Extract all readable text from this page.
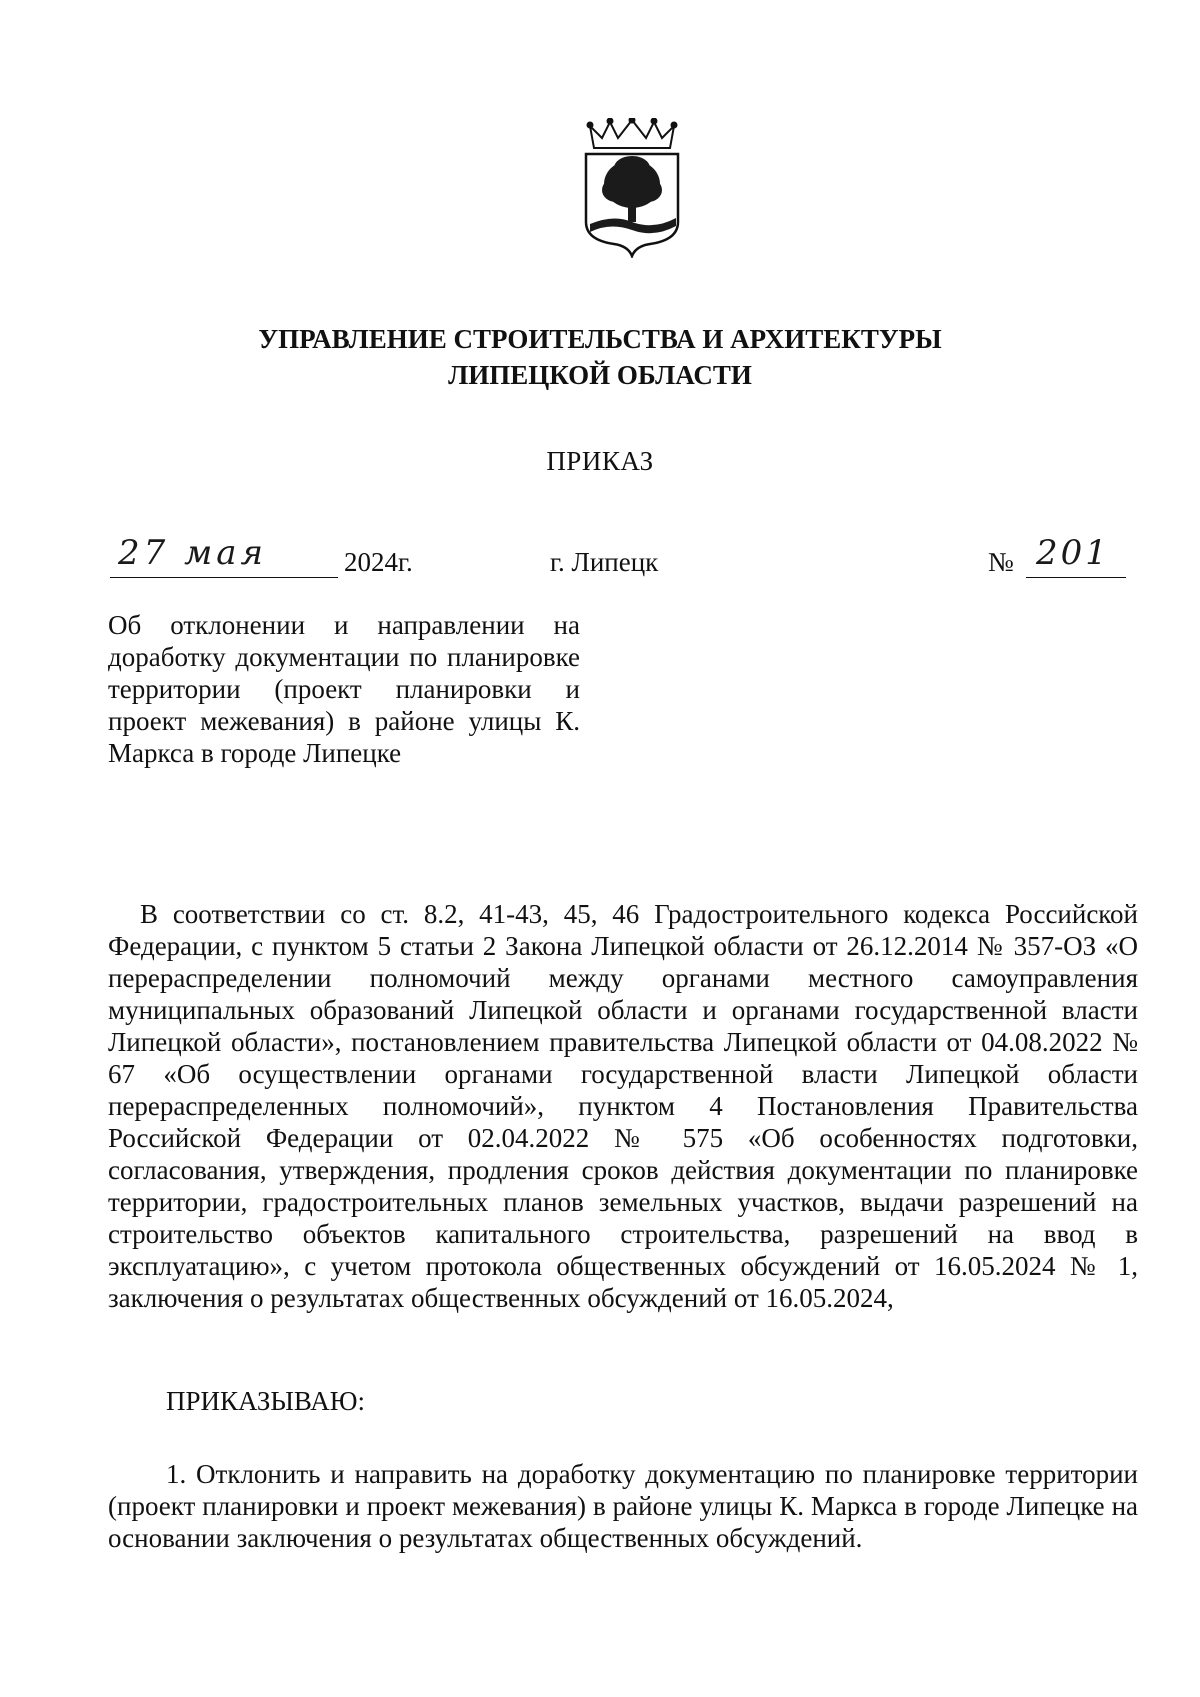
УПРАВЛЕНИЕ СТРОИТЕЛЬСТВА И АРХИТЕКТУРЫ
ЛИПЕЦКОЙ ОБЛАСТИ
ПРИКАЗ
27 мая	2024г.	г. Липецк	№ 201
Об отклонении и направлении на доработку документации по планировке территории (проект планировки и проект межевания) в районе улицы К. Маркса в городе Липецке

В соответствии со ст. 8.2, 41-43, 45, 46 Градостроительного кодекса Российской Федерации, с пунктом 5 статьи 2 Закона Липецкой области от 26.12.2014 № 357-ОЗ «О перераспределении полномочий между органами местного самоуправления муниципальных образований Липецкой области и органами государственной власти Липецкой области», постановлением правительства Липецкой области от 04.08.2022 № 67 «Об осуществлении органами государственной власти Липецкой области перераспределенных полномочий», пунктом 4 Постановления Правительства Российской Федерации от 02.04.2022 № 575 «Об особенностях подготовки, согласования, утверждения, продления сроков действия документации по планировке территории, градостроительных планов земельных участков, выдачи разрешений на строительство объектов капитального строительства, разрешений на ввод в эксплуатацию», с учетом протокола общественных обсуждений от 16.05.2024 № 1, заключения о результатах общественных обсуждений от 16.05.2024,

ПРИКАЗЫВАЮ:

1. Отклонить и направить на доработку документацию по планировке территории (проект планировки и проект межевания) в районе улицы К. Маркса в городе Липецке на основании заключения о результатах общественных обсуждений.
